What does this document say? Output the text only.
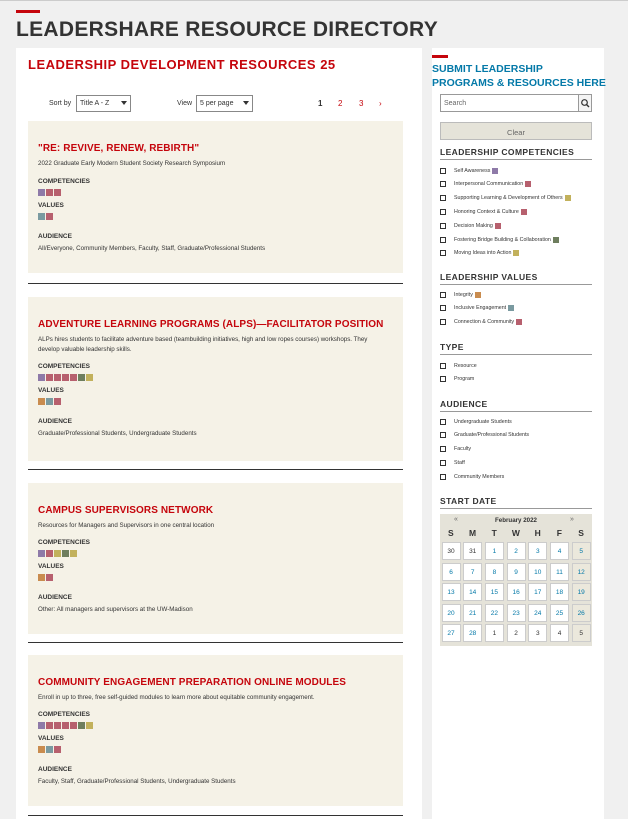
LEADERSHARE RESOURCE DIRECTORY
LEADERSHIP DEVELOPMENT RESOURCES 25
Sort by	Title A - Z	View	5 per page	1 2 3 ›
"RE: REVIVE, RENEW, REBIRTH"
2022 Graduate Early Modern Student Society Research Symposium
COMPETENCIES
VALUES
AUDIENCE
All/Everyone, Community Members, Faculty, Staff, Graduate/Professional Students
ADVENTURE LEARNING PROGRAMS (ALPS)—FACILITATOR POSITION
ALPs hires students to facilitate adventure based (teambuilding initiatives, high and low ropes courses) workshops. They develop valuable leadership skills.
COMPETENCIES
VALUES
AUDIENCE
Graduate/Professional Students, Undergraduate Students
CAMPUS SUPERVISORS NETWORK
Resources for Managers and Supervisors in one central location
COMPETENCIES
VALUES
AUDIENCE
Other: All managers and supervisors at the UW-Madison
COMMUNITY ENGAGEMENT PREPARATION ONLINE MODULES
Enroll in up to three, free self-guided modules to learn more about equitable community engagement.
COMPETENCIES
VALUES
AUDIENCE
Faculty, Staff, Graduate/Professional Students, Undergraduate Students
SUBMIT LEADERSHIP PROGRAMS & RESOURCES HERE
Search
Clear
LEADERSHIP COMPETENCIES
Self Awareness
Interpersonal Communication
Supporting Learning & Development of Others
Honoring Context & Culture
Decision Making
Fostering Bridge Building & Collaboration
Moving Ideas into Action
LEADERSHIP VALUES
Integrity
Inclusive Engagement
Connection & Community
TYPE
Resource
Program
AUDIENCE
Undergraduate Students
Graduate/Professional Students
Faculty
Staff
Community Members
START DATE
«	February 2022	»
S	M	T	W	H	F	S
30	31	1	2	3	4	5
6	7	8	9	10	11	12
13	14	15	16	17	18	19
20	21	22	23	24	25	26
27	28	1	2	3	4	5
